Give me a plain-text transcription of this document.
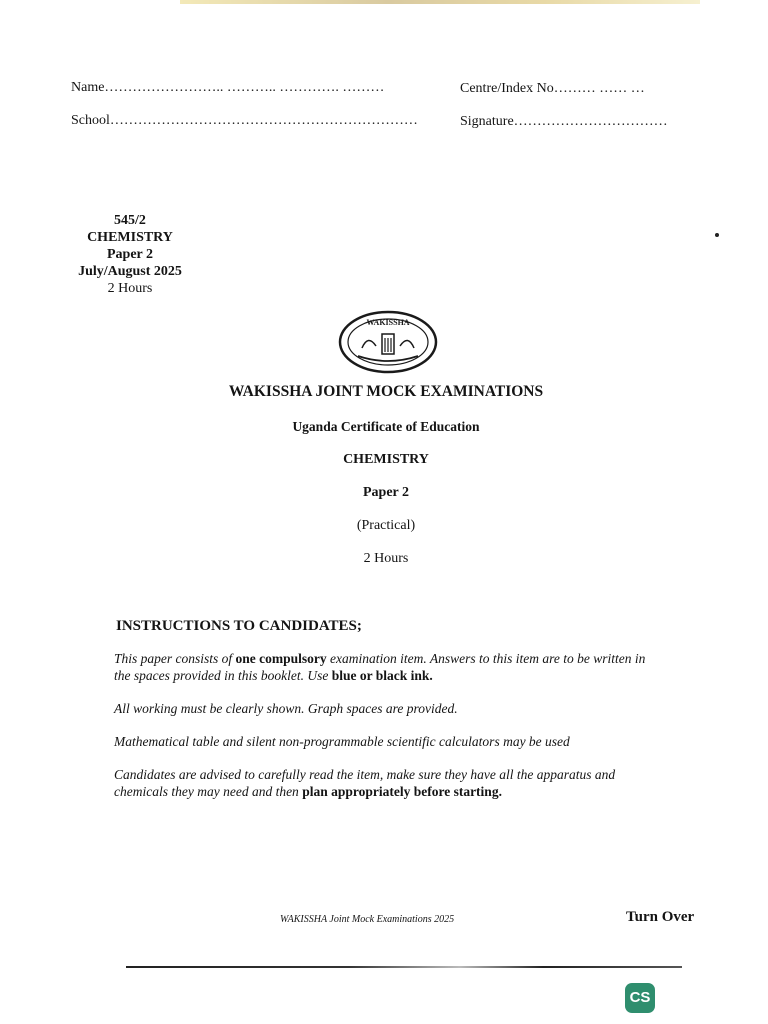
Name…………………….. ……….. …………. ………	Centre/Index No……… …… …
School…………………………………………………………	Signature……………………………
545/2
CHEMISTRY
Paper 2
July/August 2025
2 Hours
WAKISSHA
WAKISSHA JOINT MOCK EXAMINATIONS
Uganda Certificate of Education
CHEMISTRY
Paper 2
(Practical)
2 Hours
INSTRUCTIONS TO CANDIDATES;
This paper consists of one compulsory examination item. Answers to this item are to be written in the spaces provided in this booklet. Use blue or black ink.
All working must be clearly shown. Graph spaces are provided.
Mathematical table and silent non-programmable scientific calculators may be used
Candidates are advised to carefully read the item, make sure they have all the apparatus and chemicals they may need and then plan appropriately before starting.
WAKISSHA Joint Mock Examinations 2025	Turn Over
CS
